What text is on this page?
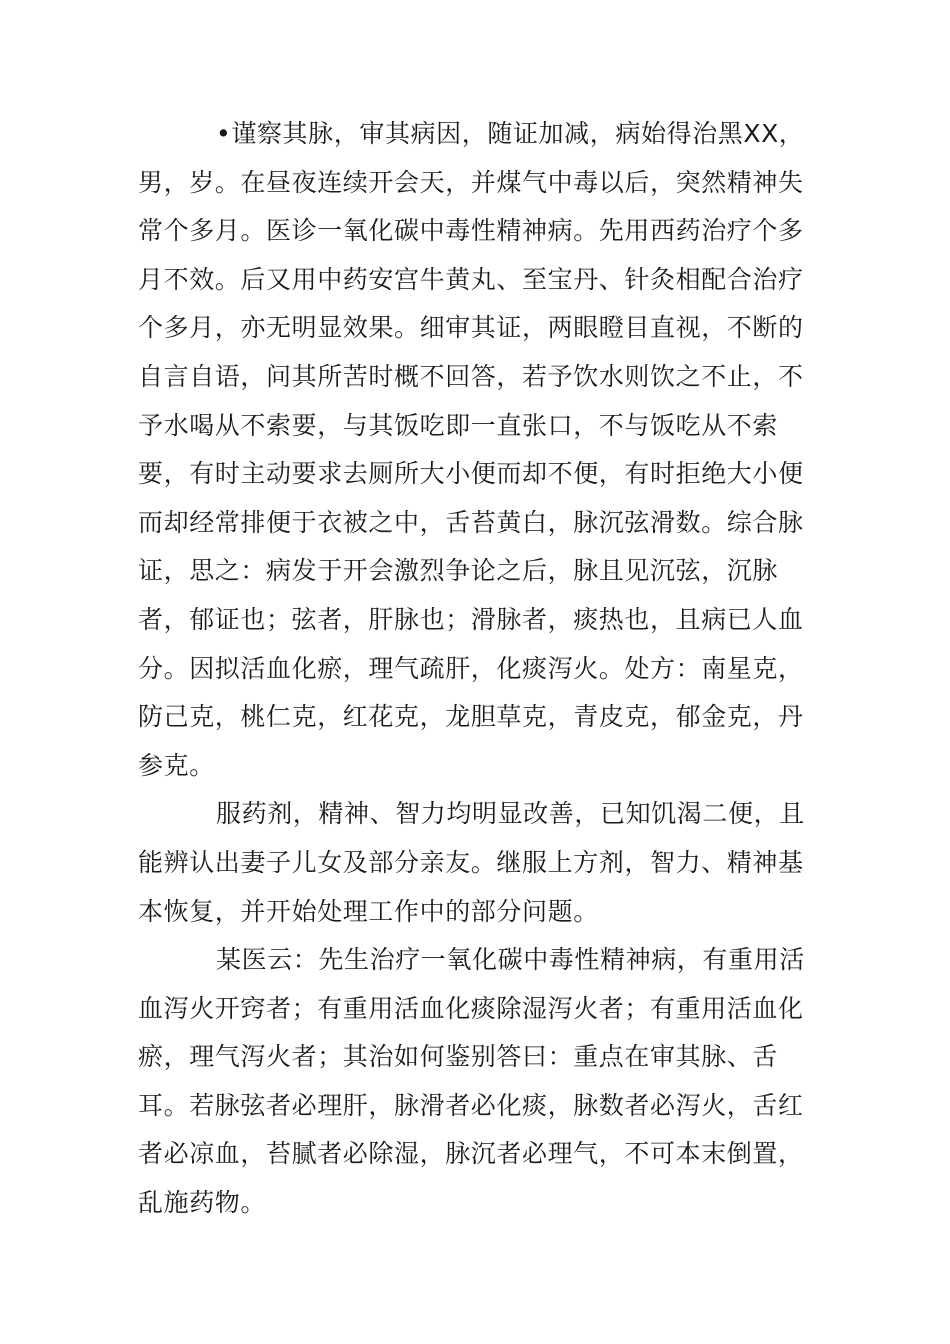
•谨察其脉，审其病因，随证加减，病始得治黑XX，男，岁。在昼夜连续开会天，并煤气中毒以后，突然精神失常个多月。医诊一氧化碳中毒性精神病。先用西药治疗个多月不效。后又用中药安宫牛黄丸、至宝丹、针灸相配合治疗个多月，亦无明显效果。细审其证，两眼瞪目直视，不断的自言自语，问其所苦时概不回答，若予饮水则饮之不止，不予水喝从不索要，与其饭吃即一直张口，不与饭吃从不索要，有时主动要求去厕所大小便而却不便，有时拒绝大小便而却经常排便于衣被之中，舌苔黄白，脉沉弦滑数。综合脉证，思之：病发于开会激烈争论之后，脉且见沉弦，沉脉者，郁证也；弦者，肝脉也；滑脉者，痰热也，且病已人血分。因拟活血化瘀，理气疏肝，化痰泻火。处方：南星克，防己克，桃仁克，红花克，龙胆草克，青皮克，郁金克，丹参克。

服药剂，精神、智力均明显改善，已知饥渴二便，且能辨认出妻子儿女及部分亲友。继服上方剂，智力、精神基本恢复，并开始处理工作中的部分问题。

某医云：先生治疗一氧化碳中毒性精神病，有重用活血泻火开窍者；有重用活血化痰除湿泻火者；有重用活血化瘀，理气泻火者；其治如何鉴别答曰：重点在审其脉、舌耳。若脉弦者必理肝，脉滑者必化痰，脉数者必泻火，舌红者必凉血，苔腻者必除湿，脉沉者必理气，不可本末倒置，乱施药物。
